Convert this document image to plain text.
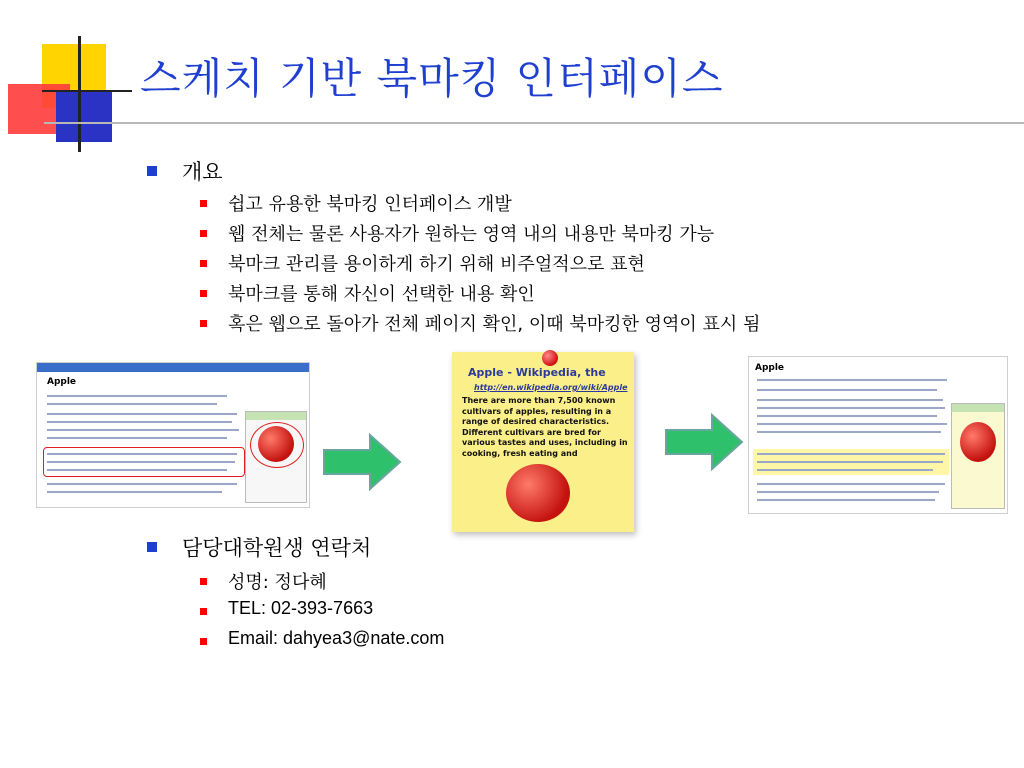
스케치 기반 북마킹 인터페이스
개요
쉽고 유용한 북마킹 인터페이스 개발
웹 전체는 물론 사용자가 원하는 영역 내의 내용만 북마킹 가능
북마크 관리를 용이하게 하기 위해 비주얼적으로 표현
북마크를 통해 자신이 선택한 내용 확인
혹은 웹으로 돌아가 전체 페이지 확인, 이때 북마킹한 영역이 표시 됨
Apple
Apple - Wikipedia, the
http://en.wikipedia.org/wiki/Apple
There are more than 7,500 known cultivars of apples, resulting in a range of desired characteristics. Different cultivars are bred for various tastes and uses, including in cooking, fresh eating and
Apple
담당대학원생 연락처
성명: 정다혜
TEL: 02-393-7663
Email: dahyea3@nate.com
